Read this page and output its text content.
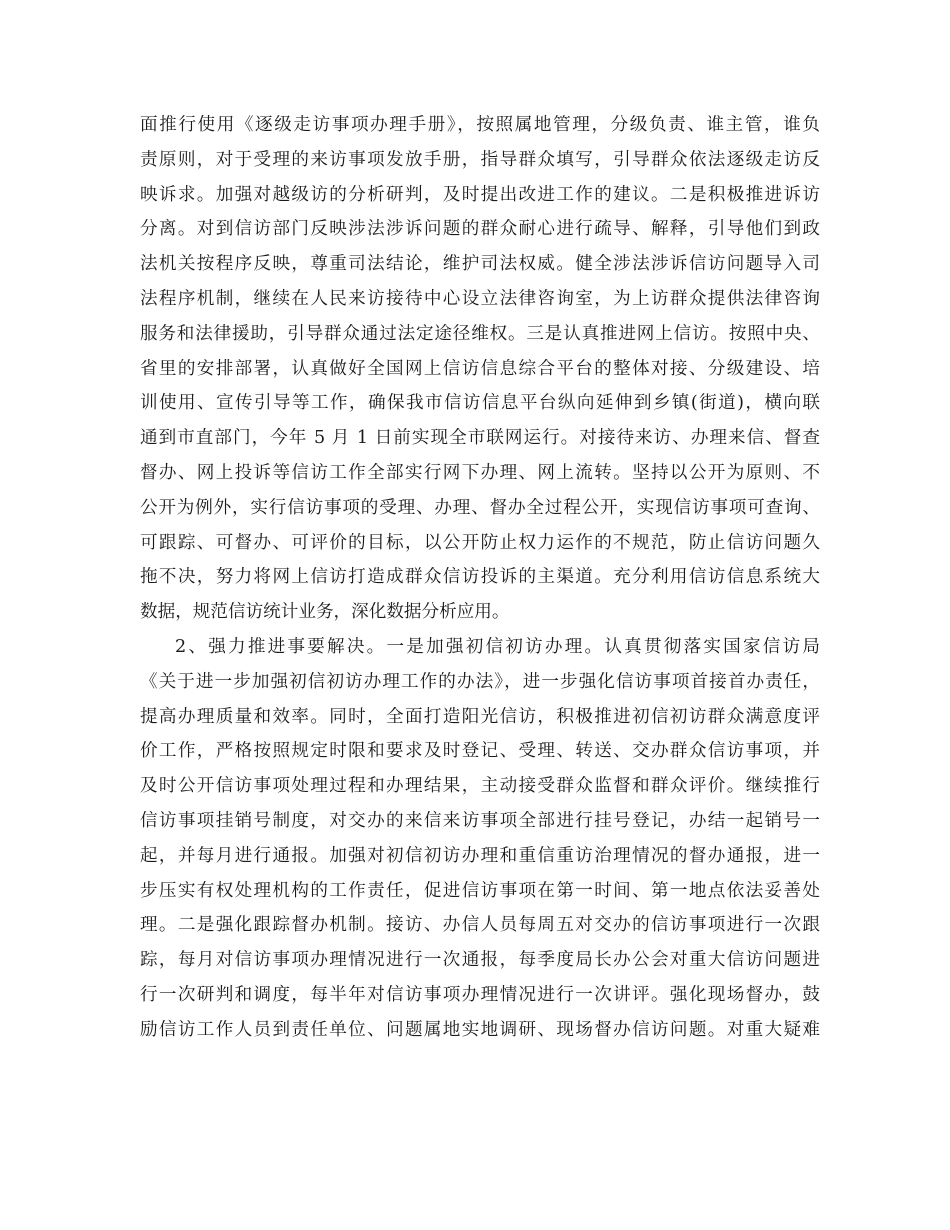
面推行使用《逐级走访事项办理手册》，按照属地管理，分级负责、谁主管，谁负
责原则，对于受理的来访事项发放手册，指导群众填写，引导群众依法逐级走访反
映诉求。加强对越级访的分析研判，及时提出改进工作的建议。二是积极推进诉访
分离。对到信访部门反映涉法涉诉问题的群众耐心进行疏导、解释，引导他们到政
法机关按程序反映，尊重司法结论，维护司法权威。健全涉法涉诉信访问题导入司
法程序机制，继续在人民来访接待中心设立法律咨询室，为上访群众提供法律咨询
服务和法律援助，引导群众通过法定途径维权。三是认真推进网上信访。按照中央、
省里的安排部署，认真做好全国网上信访信息综合平台的整体对接、分级建设、培
训使用、宣传引导等工作，确保我市信访信息平台纵向延伸到乡镇(街道)，横向联
通到市直部门，今年 5 月 1 日前实现全市联网运行。对接待来访、办理来信、督查
督办、网上投诉等信访工作全部实行网下办理、网上流转。坚持以公开为原则、不
公开为例外，实行信访事项的受理、办理、督办全过程公开，实现信访事项可查询、
可跟踪、可督办、可评价的目标，以公开防止权力运作的不规范，防止信访问题久
拖不决，努力将网上信访打造成群众信访投诉的主渠道。充分利用信访信息系统大
数据，规范信访统计业务，深化数据分析应用。
2、强力推进事要解决。一是加强初信初访办理。认真贯彻落实国家信访局
《关于进一步加强初信初访办理工作的办法》，进一步强化信访事项首接首办责任，
提高办理质量和效率。同时，全面打造阳光信访，积极推进初信初访群众满意度评
价工作，严格按照规定时限和要求及时登记、受理、转送、交办群众信访事项，并
及时公开信访事项处理过程和办理结果，主动接受群众监督和群众评价。继续推行
信访事项挂销号制度，对交办的来信来访事项全部进行挂号登记，办结一起销号一
起，并每月进行通报。加强对初信初访办理和重信重访治理情况的督办通报，进一
步压实有权处理机构的工作责任，促进信访事项在第一时间、第一地点依法妥善处
理。二是强化跟踪督办机制。接访、办信人员每周五对交办的信访事项进行一次跟
踪，每月对信访事项办理情况进行一次通报，每季度局长办公会对重大信访问题进
行一次研判和调度，每半年对信访事项办理情况进行一次讲评。强化现场督办，鼓
励信访工作人员到责任单位、问题属地实地调研、现场督办信访问题。对重大疑难
